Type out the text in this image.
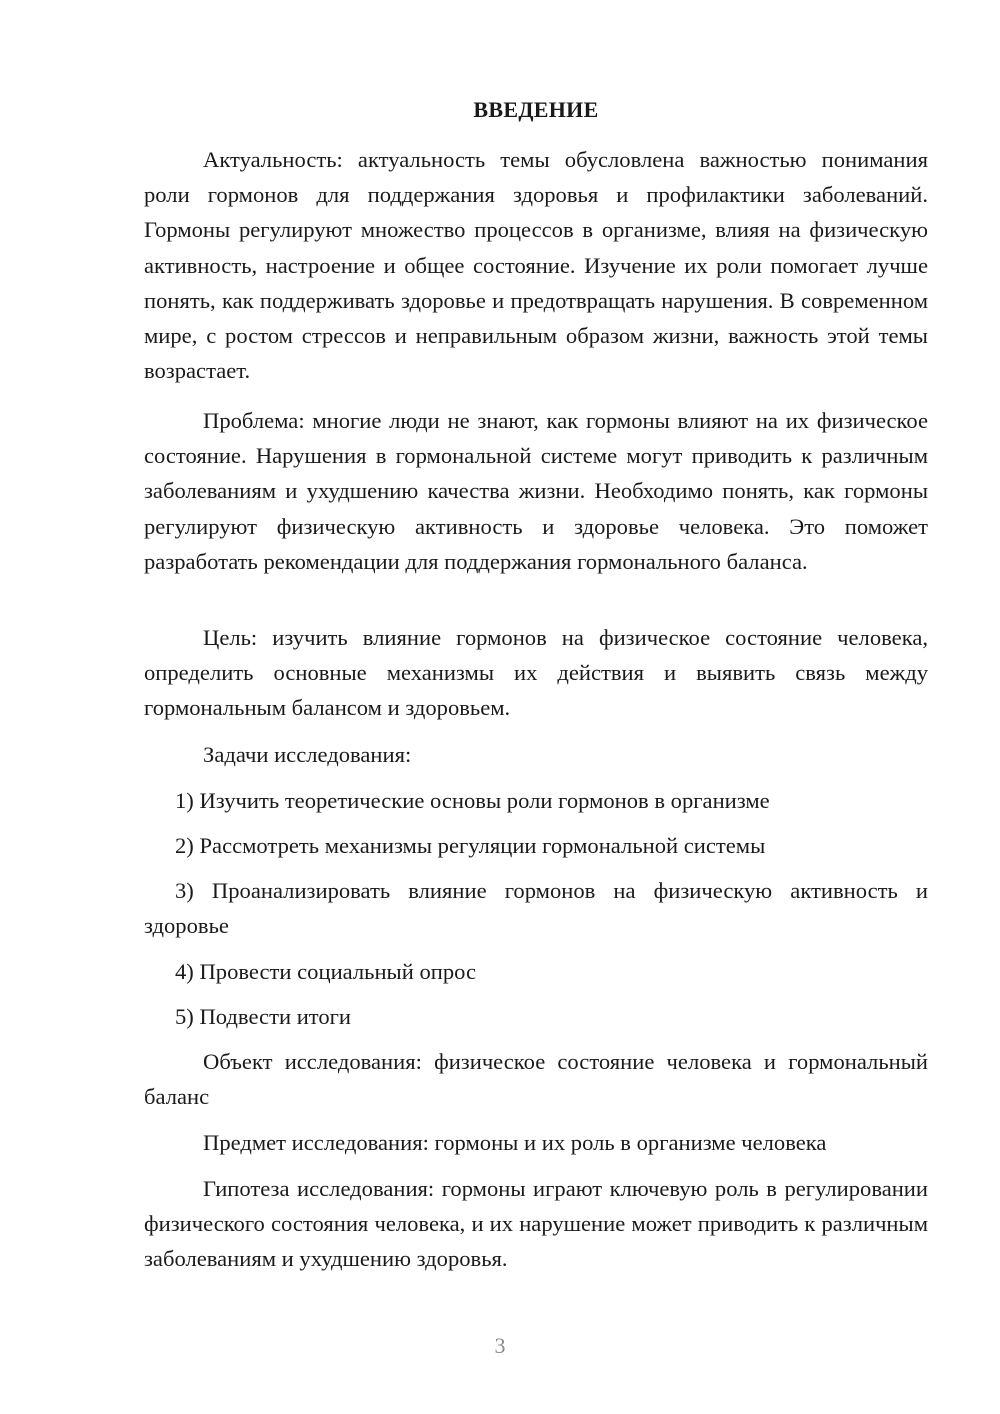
ВВЕДЕНИЕ

Актуальность: актуальность темы обусловлена важностью понимания роли гормонов для поддержания здоровья и профилактики заболеваний. Гормоны регулируют множество процессов в организме, влияя на физическую активность, настроение и общее состояние. Изучение их роли помогает лучше понять, как поддерживать здоровье и предотвращать нарушения. В современном мире, с ростом стрессов и неправильным образом жизни, важность этой темы возрастает.

Проблема: многие люди не знают, как гормоны влияют на их физическое состояние. Нарушения в гормональной системе могут приводить к различным заболеваниям и ухудшению качества жизни. Необходимо понять, как гормоны регулируют физическую активность и здоровье человека. Это поможет разработать рекомендации для поддержания гормонального баланса.

Цель: изучить влияние гормонов на физическое состояние человека, определить основные механизмы их действия и выявить связь между гормональным балансом и здоровьем.

Задачи исследования:

1) Изучить теоретические основы роли гормонов в организме

2) Рассмотреть механизмы регуляции гормональной системы

3) Проанализировать влияние гормонов на физическую активность и здоровье

4) Провести социальный опрос

5) Подвести итоги

Объект исследования: физическое состояние человека и гормональный баланс

Предмет исследования: гормоны и их роль в организме человека

Гипотеза исследования: гормоны играют ключевую роль в регулировании физического состояния человека, и их нарушение может приводить к различным заболеваниям и ухудшению здоровья.

3
